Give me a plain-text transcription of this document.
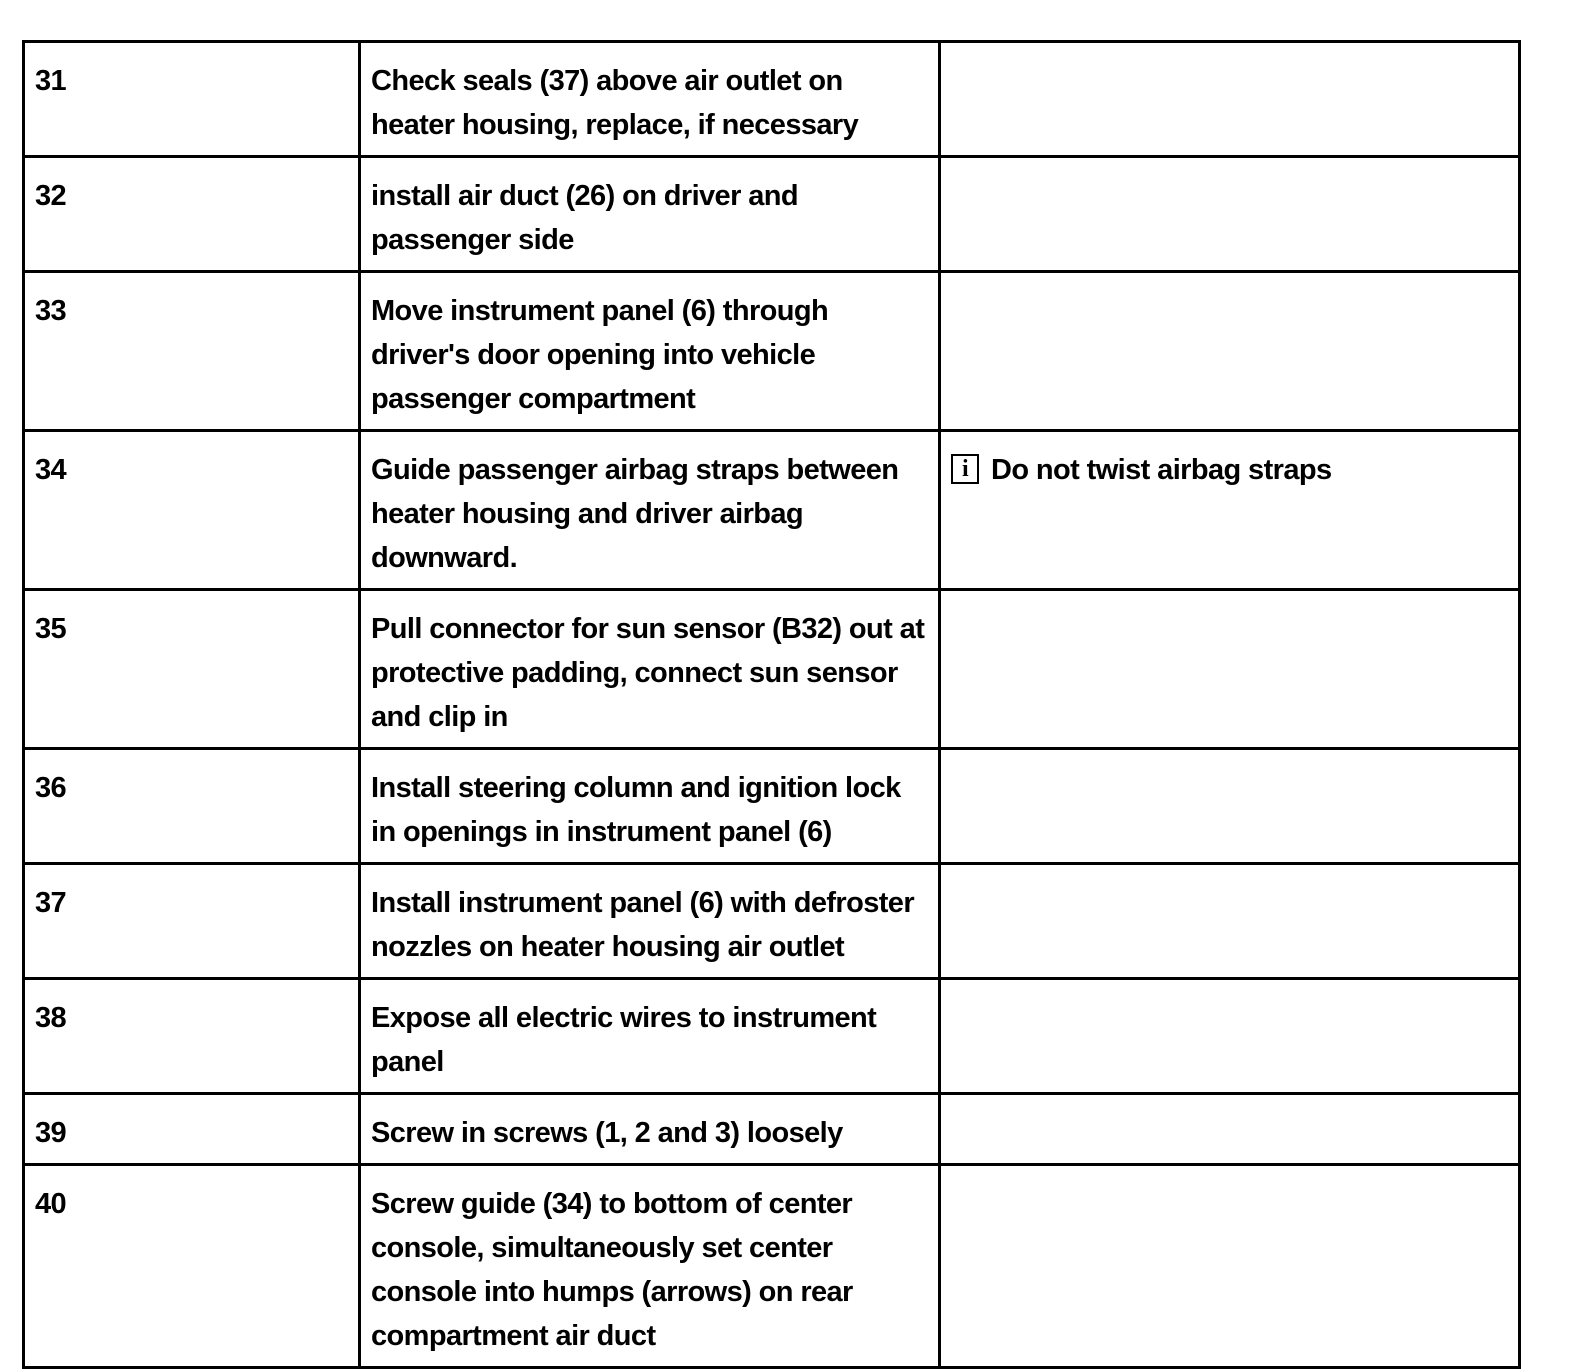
31	Check seals (37) above air outlet on heater housing, replace, if necessary	
32	install air duct (26) on driver and passenger side	
33	Move instrument panel (6) through driver's door opening into vehicle passenger compartment	
34	Guide passenger airbag straps between heater housing and driver airbag downward.	i Do not twist airbag straps

35	Pull connector for sun sensor (B32) out at protective padding, connect sun sensor and clip in	
36	Install steering column and ignition lock in openings in instrument panel (6)	
37	Install instrument panel (6) with defroster nozzles on heater housing air outlet	
38	Expose all electric wires to instrument panel	
39	Screw in screws (1, 2 and 3) loosely	
40	Screw guide (34) to bottom of center console, simultaneously set center console into humps (arrows) on rear compartment air duct	
